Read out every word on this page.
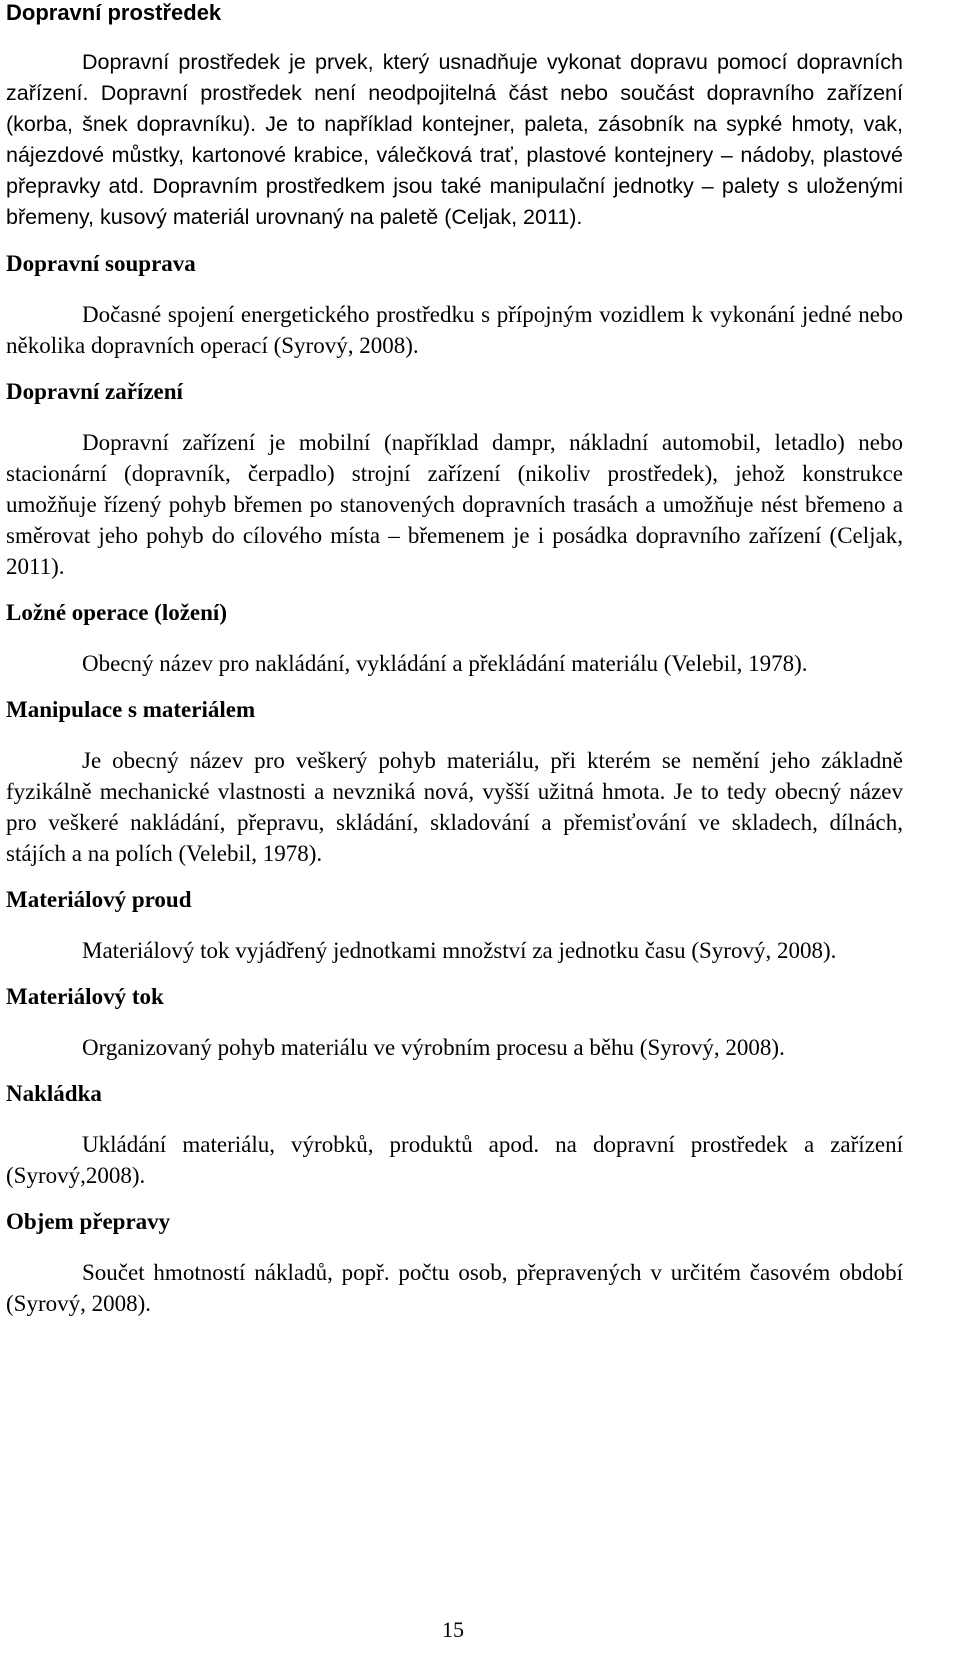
Dopravní prostředek

Dopravní prostředek je prvek, který usnadňuje vykonat dopravu pomocí dopravních zařízení. Dopravní prostředek není neodpojitelná část nebo součást dopravního zařízení (korba, šnek dopravníku). Je to například kontejner, paleta, zásobník na sypké hmoty, vak, nájezdové můstky, kartonové krabice, válečková trať, plastové kontejnery – nádoby, plastové přepravky atd. Dopravním prostředkem jsou také manipulační jednotky – palety s uloženými břemeny, kusový materiál urovnaný na paletě (Celjak, 2011).

Dopravní souprava

Dočasné spojení energetického prostředku s přípojným vozidlem k vykonání jedné nebo několika dopravních operací (Syrový, 2008).

Dopravní zařízení

Dopravní zařízení je mobilní (například dampr, nákladní automobil, letadlo) nebo stacionární (dopravník, čerpadlo) strojní zařízení (nikoliv prostředek), jehož konstrukce umožňuje řízený pohyb břemen po stanovených dopravních trasách a umožňuje nést břemeno a směrovat jeho pohyb do cílového místa – břemenem je i posádka dopravního zařízení (Celjak, 2011).

Ložné operace (ložení)

Obecný název pro nakládání, vykládání a překládání materiálu (Velebil, 1978).

Manipulace s materiálem

Je obecný název pro veškerý pohyb materiálu, při kterém se nemění jeho základně fyzikálně mechanické vlastnosti a nevzniká nová, vyšší užitná hmota. Je to tedy obecný název pro veškeré nakládání, přepravu, skládání, skladování a přemisťování ve skladech, dílnách, stájích a na polích (Velebil, 1978).

Materiálový proud

Materiálový tok vyjádřený jednotkami množství za jednotku času (Syrový, 2008).

Materiálový tok

Organizovaný pohyb materiálu ve výrobním procesu a běhu (Syrový, 2008).

Nakládka

Ukládání materiálu, výrobků, produktů apod. na dopravní prostředek a zařízení (Syrový,2008).

Objem přepravy

Součet hmotností nákladů, popř. počtu osob, přepravených v určitém časovém období (Syrový, 2008).

15
